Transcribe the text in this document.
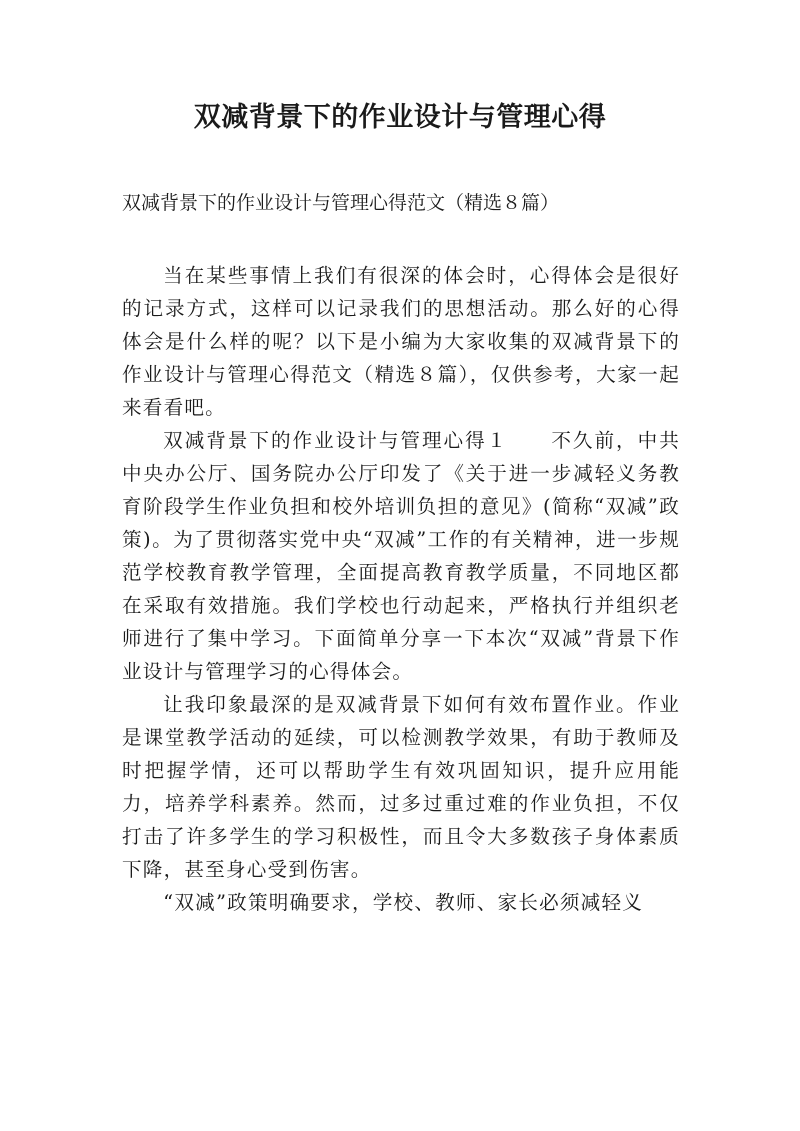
双减背景下的作业设计与管理心得
双减背景下的作业设计与管理心得范文（精选８篇）

当在某些事情上我们有很深的体会时，心得体会是很好的记录方式，这样可以记录我们的思想活动。那么好的心得体会是什么样的呢？以下是小编为大家收集的双减背景下的作业设计与管理心得范文（精选８篇），仅供参考，大家一起来看看吧。

双减背景下的作业设计与管理心得１　　不久前，中共中央办公厅、国务院办公厅印发了《关于进一步减轻义务教育阶段学生作业负担和校外培训负担的意见》(简称“双减”政策)。为了贯彻落实党中央“双减”工作的有关精神，进一步规范学校教育教学管理，全面提高教育教学质量，不同地区都在采取有效措施。我们学校也行动起来，严格执行并组织老师进行了集中学习。下面简单分享一下本次“双减”背景下作业设计与管理学习的心得体会。

让我印象最深的是双减背景下如何有效布置作业。作业是课堂教学活动的延续，可以检测教学效果，有助于教师及时把握学情，还可以帮助学生有效巩固知识，提升应用能力，培养学科素养。然而，过多过重过难的作业负担，不仅打击了许多学生的学习积极性，而且令大多数孩子身体素质下降，甚至身心受到伤害。

“双减”政策明确要求，学校、教师、家长必须减轻义
